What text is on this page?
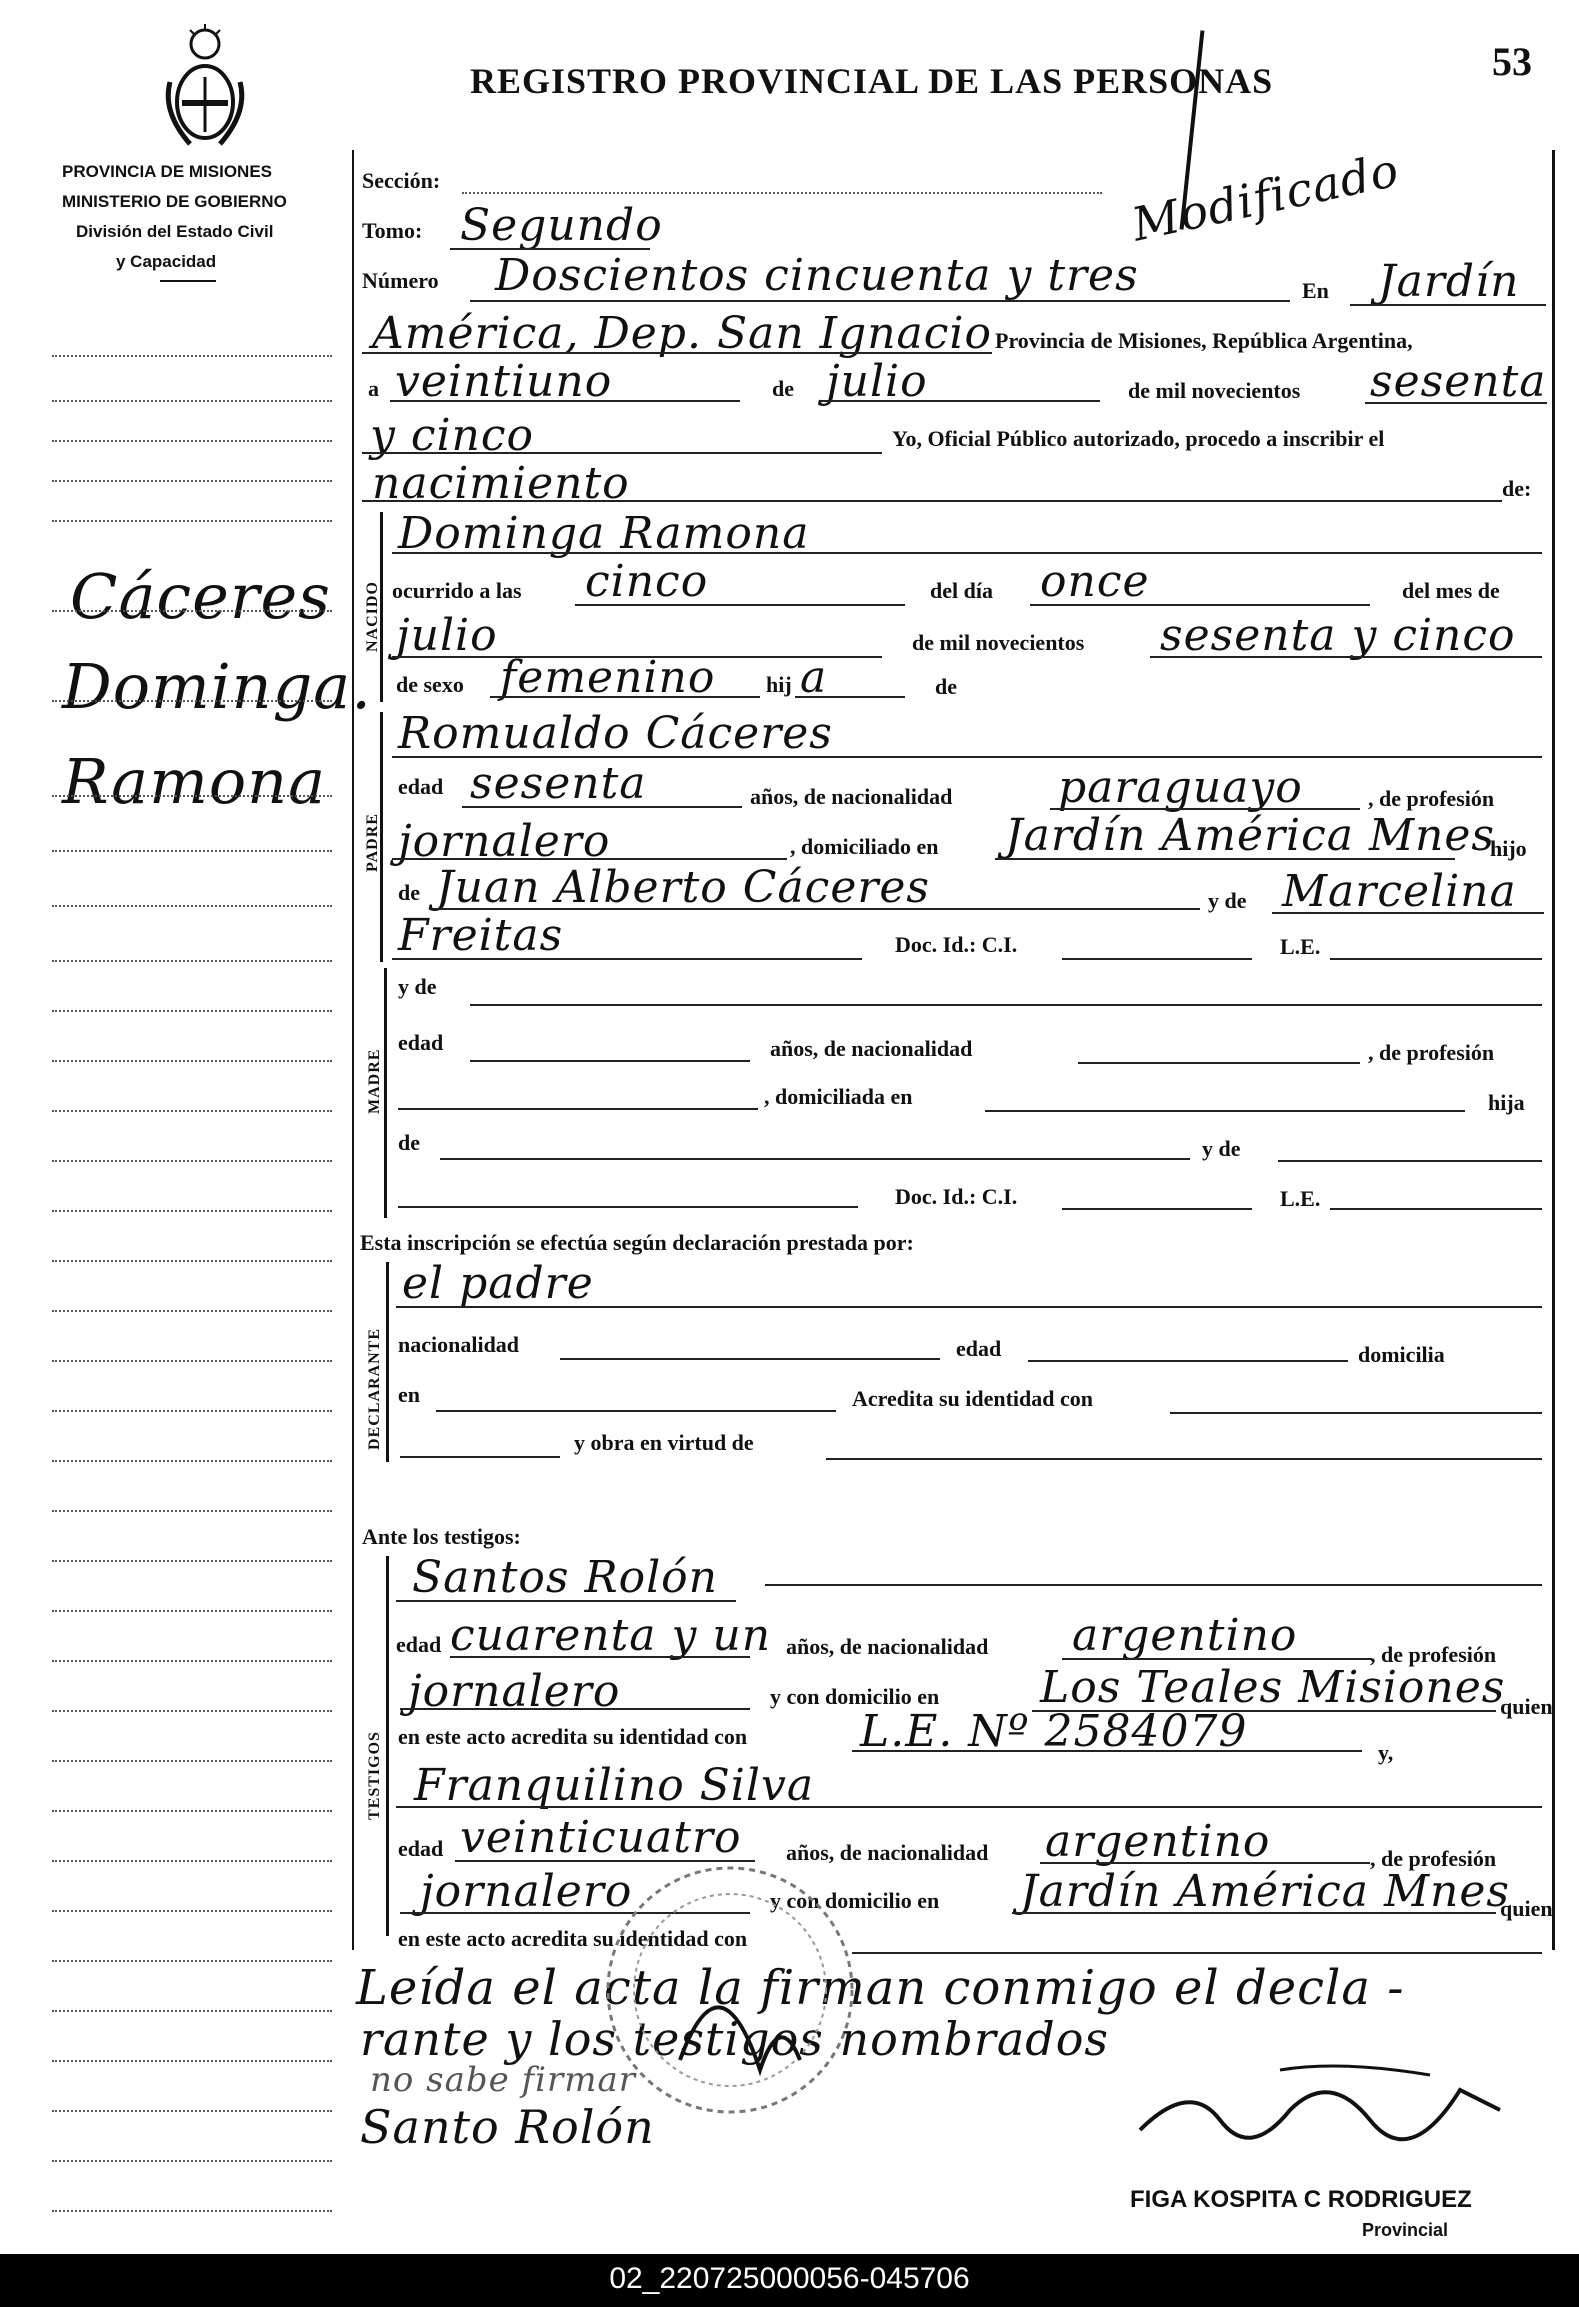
REGISTRO PROVINCIAL DE LAS PERSONAS	53
PROVINCIA DE MISIONES
MINISTERIO DE GOBIERNO
División del Estado Civil
y Capacidad
Modificado
Cáceres
Dominga.
Ramona
Sección:
Tomo: Segundo
Número Doscientos cincuenta y tres	En Jardín
América, Dep. San Ignacio Provincia de Misiones, República Argentina,
a veintiuno	de julio	de mil novecientos sesenta
y cinco	Yo, Oficial Público autorizado, procedo a inscribir el
nacimiento	de:
NACIDO
Dominga Ramona
ocurrido a las cinco	del día once	del mes de
julio	de mil novecientos sesenta y cinco
de sexo femenino hij a	de
PADRE
Romualdo Cáceres
edad sesenta	años, de nacionalidad paraguayo	, de profesión
jornalero	, domiciliado en Jardín América Mnes
hijo
de Juan Alberto Cáceres	y de Marcelina
Freitas	Doc. Id.: C.I.	L.E.
MADRE
y de
edad	años, de nacionalidad	, de profesión
, domiciliada en	hija
de	y de
Doc. Id.: C.I.	L.E.
Esta inscripción se efectúa según declaración prestada por:
DECLARANTE
el padre
nacionalidad	edad	domicilia
en	Acredita su identidad con
y obra en virtud de
Ante los testigos:
TESTIGOS
Santos Rolón
edad cuarenta y un años, de nacionalidad argentino	, de profesión
jornalero	y con domicilio en Los Teales Misiones
quien
en este acto acredita su identidad con	L.E. Nº 2584079	y,
Franquilino Silva
edad veinticuatro años, de nacionalidad argentino	, de profesión
jornalero	y con domicilio en Jardín América Mnes
quien
en este acto acredita su identidad con
Leída el acta la firman conmigo el decla -
rante y los testigos nombrados
no sabe firmar
Santo Rolón
FIGA KOSPITA C RODRIGUEZ
Provincial
02_220725000056-045706
